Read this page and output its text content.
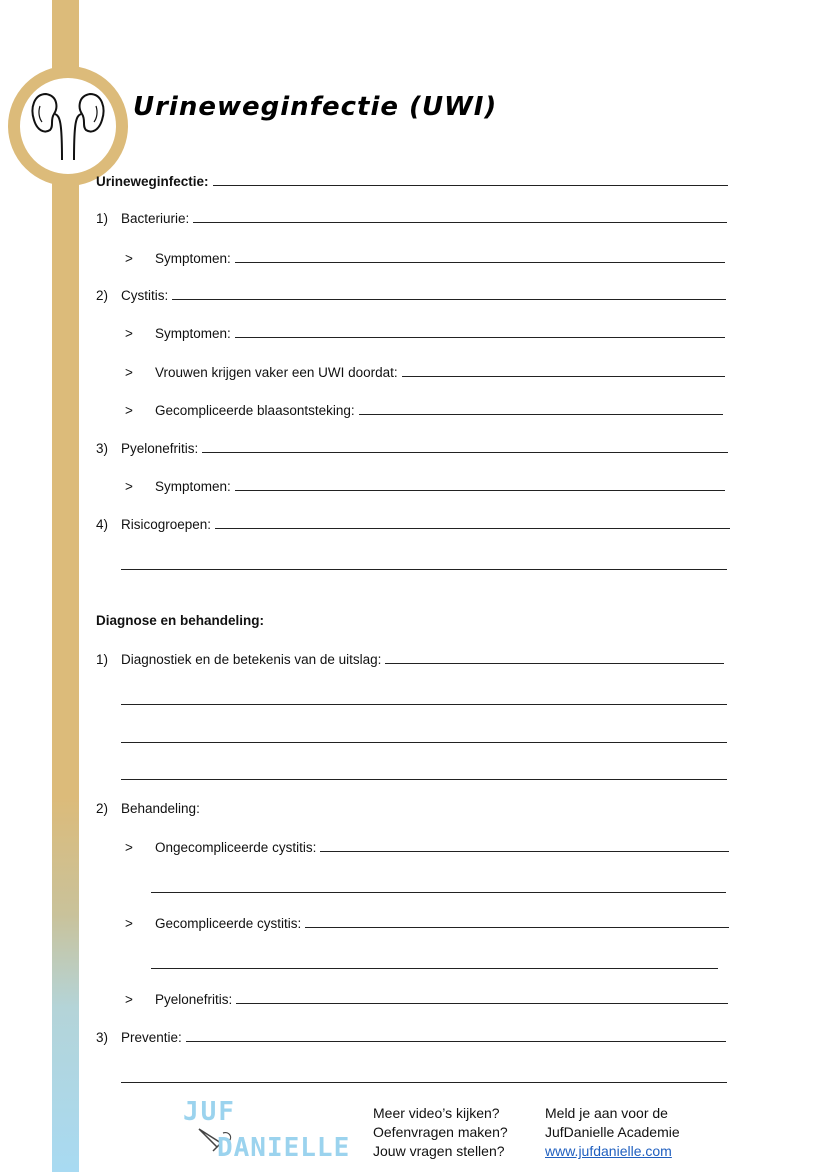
Urineweginfectie (UWI)
Urineweginfectie:
1) Bacteriurie:
>	Symptomen:
2) Cystitis:
>	Symptomen:
>	Vrouwen krijgen vaker een UWI doordat:
>	Gecompliceerde blaasontsteking:
3) Pyelonefritis:
>	Symptomen:
4) Risicogroepen:
Diagnose en behandeling:
1) Diagnostiek en de betekenis van de uitslag:
2) Behandeling:
>	Ongecompliceerde cystitis:
>	Gecompliceerde cystitis:
>	Pyelonefritis:
3) Preventie:
JUF
DANIELLE
Meer video’s kijken?
Oefenvragen maken?
Jouw vragen stellen?
Meld je aan voor de
JufDanielle Academie
www.jufdanielle.com
